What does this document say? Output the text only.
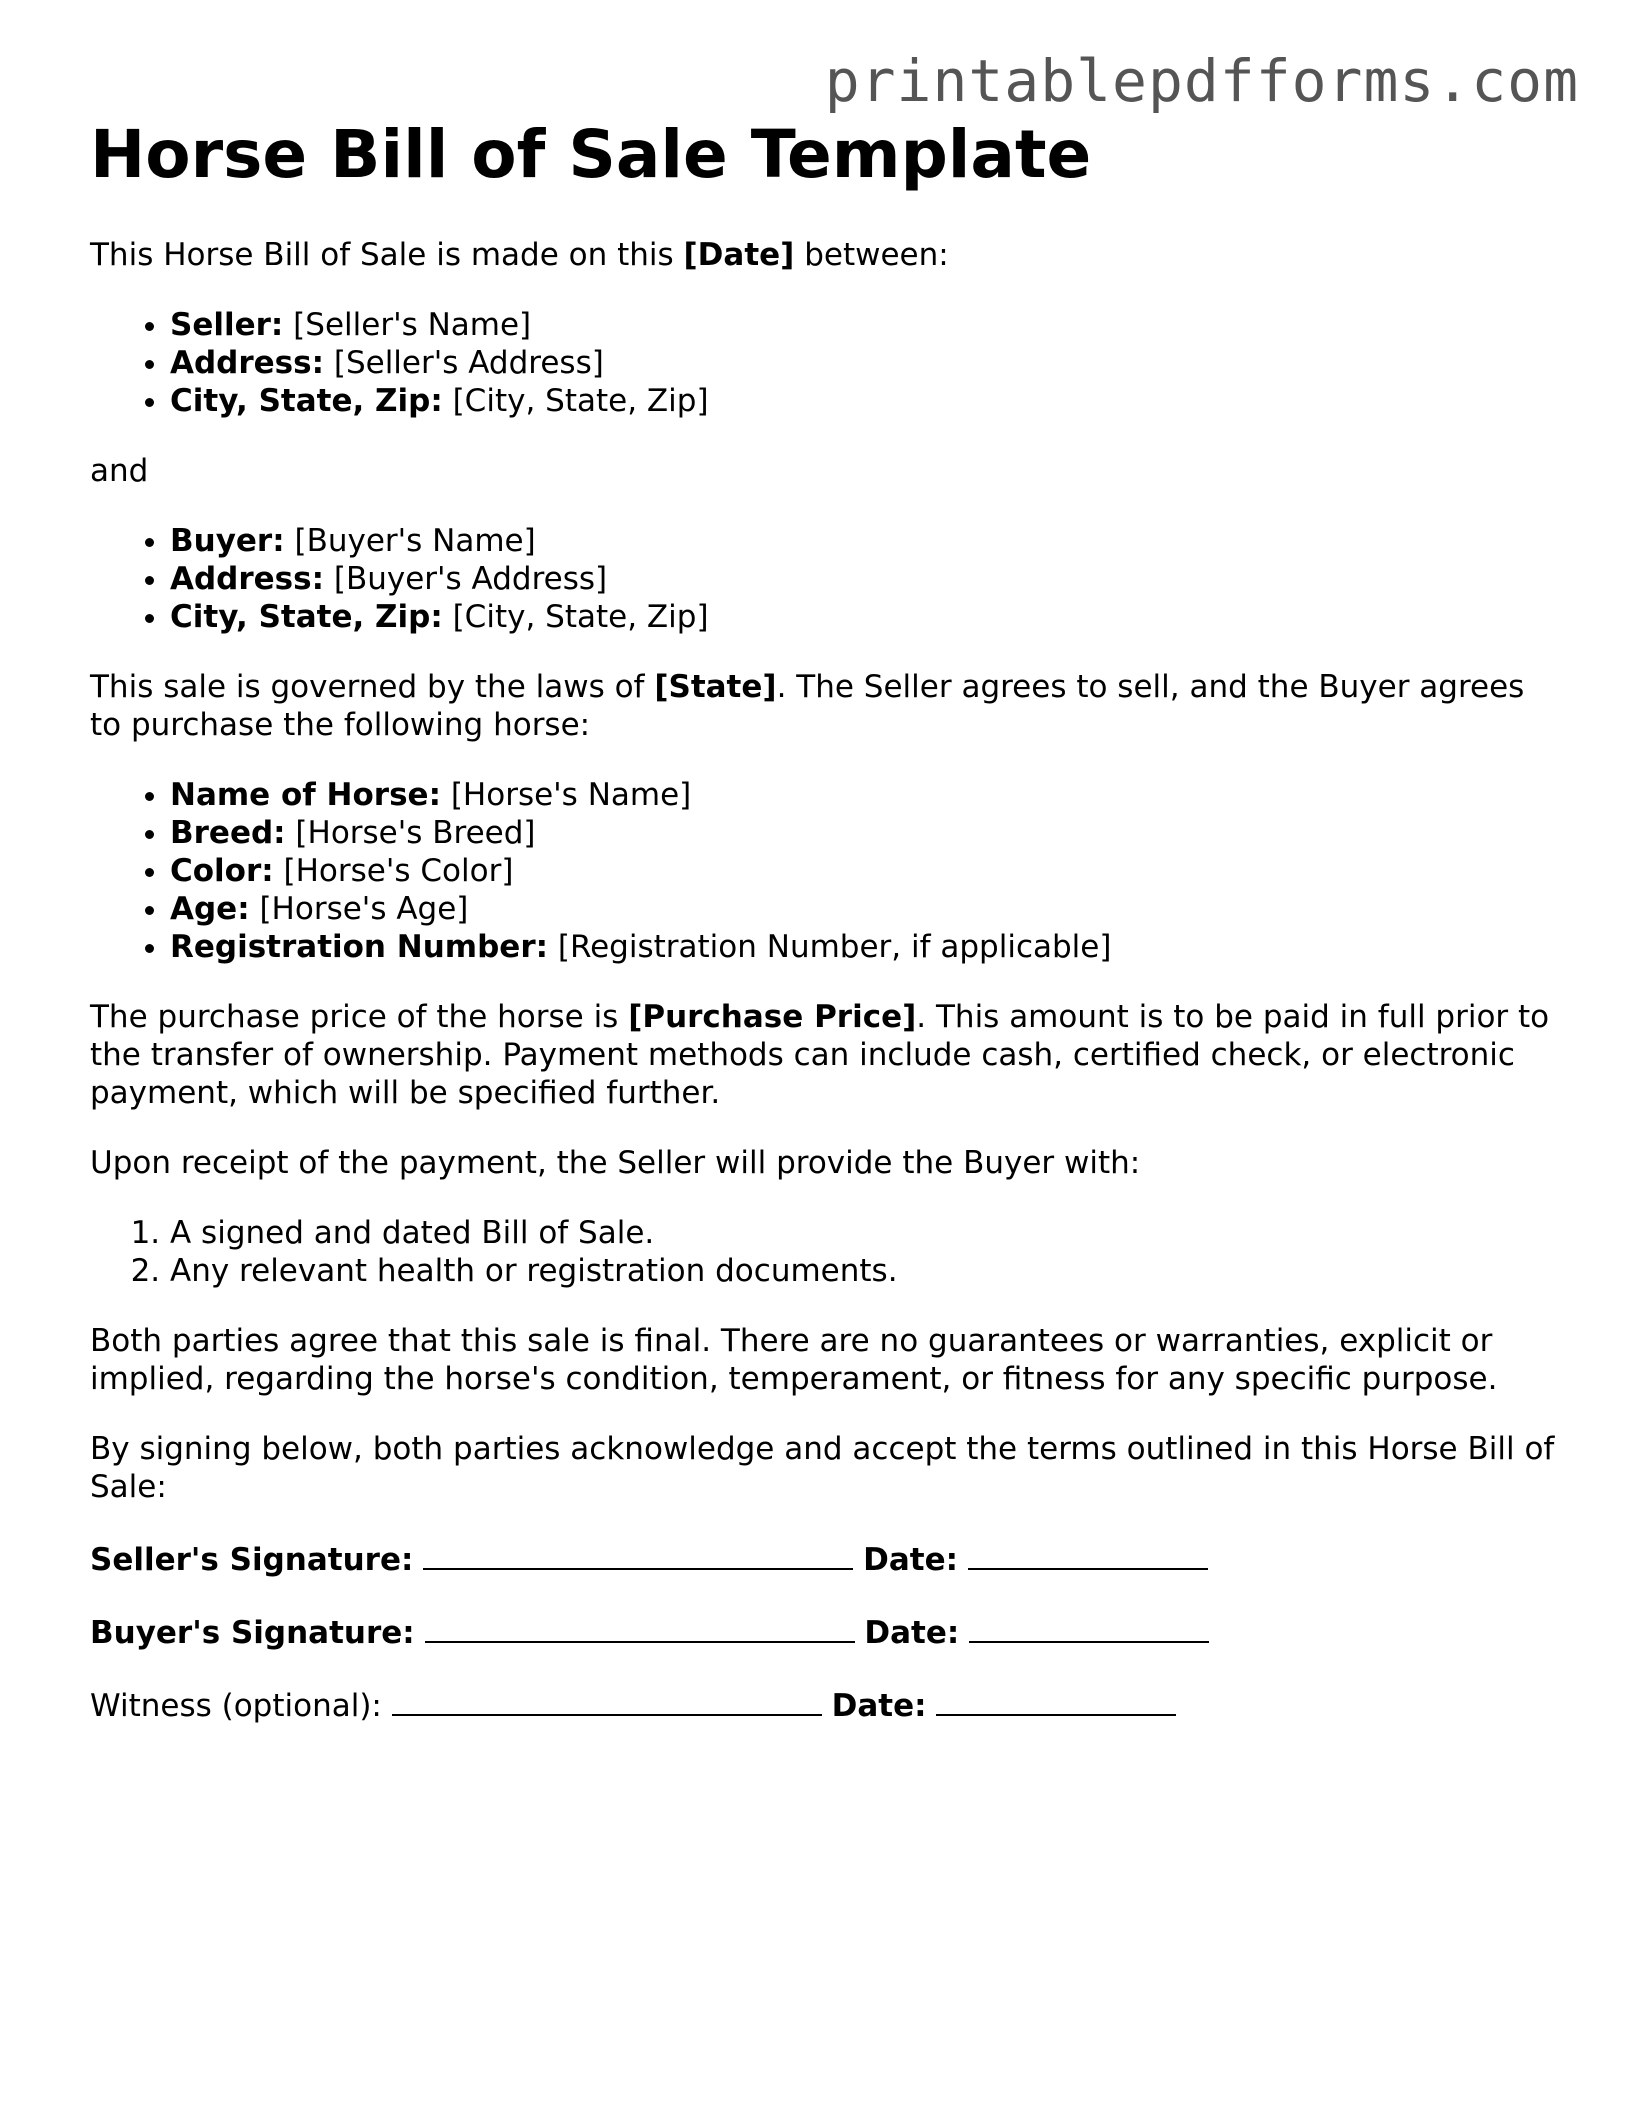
printablepdfforms.com
Horse Bill of Sale Template

This Horse Bill of Sale is made on this [Date] between:

• Seller: [Seller's Name]
• Address: [Seller's Address]
• City, State, Zip: [City, State, Zip]

and

• Buyer: [Buyer's Name]
• Address: [Buyer's Address]
• City, State, Zip: [City, State, Zip]

This sale is governed by the laws of [State]. The Seller agrees to sell, and the Buyer agrees to purchase the following horse:

• Name of Horse: [Horse's Name]
• Breed: [Horse's Breed]
• Color: [Horse's Color]
• Age: [Horse's Age]
• Registration Number: [Registration Number, if applicable]

The purchase price of the horse is [Purchase Price]. This amount is to be paid in full prior to the transfer of ownership. Payment methods can include cash, certified check, or electronic payment, which will be specified further.

Upon receipt of the payment, the Seller will provide the Buyer with:

1. A signed and dated Bill of Sale.
2. Any relevant health or registration documents.

Both parties agree that this sale is final. There are no guarantees or warranties, explicit or implied, regarding the horse's condition, temperament, or fitness for any specific purpose.

By signing below, both parties acknowledge and accept the terms outlined in this Horse Bill of Sale:

Seller's Signature:	Date:
Buyer's Signature:	Date:
Witness (optional):	Date:
